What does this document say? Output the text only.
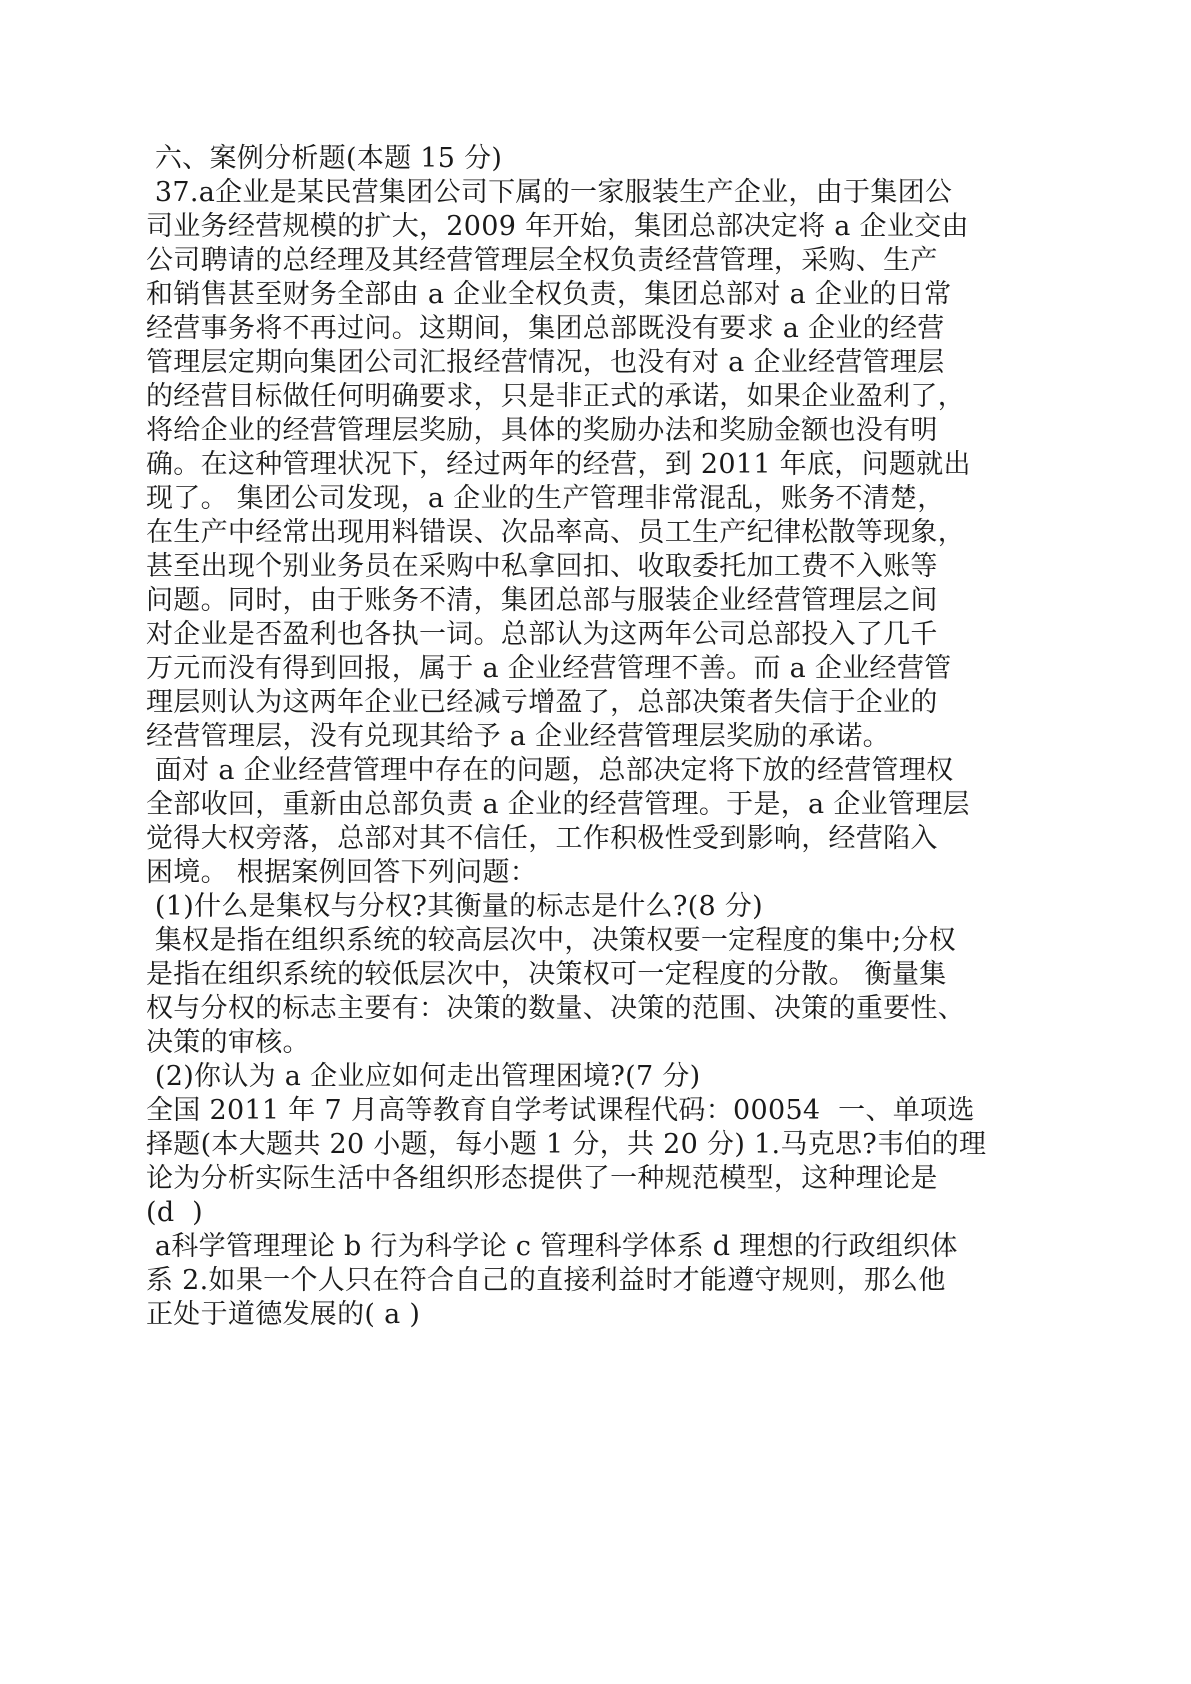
六、案例分析题(本题 15 分)
37.a企业是某民营集团公司下属的一家服装生产企业，由于集团公
司业务经营规模的扩大，2009 年开始，集团总部决定将 a 企业交由
公司聘请的总经理及其经营管理层全权负责经营管理，采购、生产
和销售甚至财务全部由 a 企业全权负责，集团总部对 a 企业的日常
经营事务将不再过问。这期间，集团总部既没有要求 a 企业的经营
管理层定期向集团公司汇报经营情况，也没有对 a 企业经营管理层
的经营目标做任何明确要求，只是非正式的承诺，如果企业盈利了，
将给企业的经营管理层奖励，具体的奖励办法和奖励金额也没有明
确。在这种管理状况下，经过两年的经营，到 2011 年底，问题就出
现了。 集团公司发现，a 企业的生产管理非常混乱，账务不清楚，
在生产中经常出现用料错误、次品率高、员工生产纪律松散等现象，
甚至出现个别业务员在采购中私拿回扣、收取委托加工费不入账等
问题。同时，由于账务不清，集团总部与服装企业经营管理层之间
对企业是否盈利也各执一词。总部认为这两年公司总部投入了几千
万元而没有得到回报，属于 a 企业经营管理不善。而 a 企业经营管
理层则认为这两年企业已经减亏增盈了，总部决策者失信于企业的
经营管理层，没有兑现其给予 a 企业经营管理层奖励的承诺。
面对 a 企业经营管理中存在的问题，总部决定将下放的经营管理权
全部收回，重新由总部负责 a 企业的经营管理。于是，a 企业管理层
觉得大权旁落，总部对其不信任，工作积极性受到影响，经营陷入
困境。 根据案例回答下列问题：
(1)什么是集权与分权?其衡量的标志是什么?(8 分)
集权是指在组织系统的较高层次中，决策权要一定程度的集中;分权
是指在组织系统的较低层次中，决策权可一定程度的分散。 衡量集
权与分权的标志主要有：决策的数量、决策的范围、决策的重要性、
决策的审核。
(2)你认为 a 企业应如何走出管理困境?(7 分)
全国 2011 年 7 月高等教育自学考试课程代码：00054  一、单项选
择题(本大题共 20 小题，每小题 1 分，共 20 分) 1.马克思?韦伯的理
论为分析实际生活中各组织形态提供了一种规范模型，这种理论是
(d  )
a科学管理理论 b 行为科学论 c 管理科学体系 d 理想的行政组织体
系 2.如果一个人只在符合自己的直接利益时才能遵守规则，那么他
正处于道德发展的( a )
